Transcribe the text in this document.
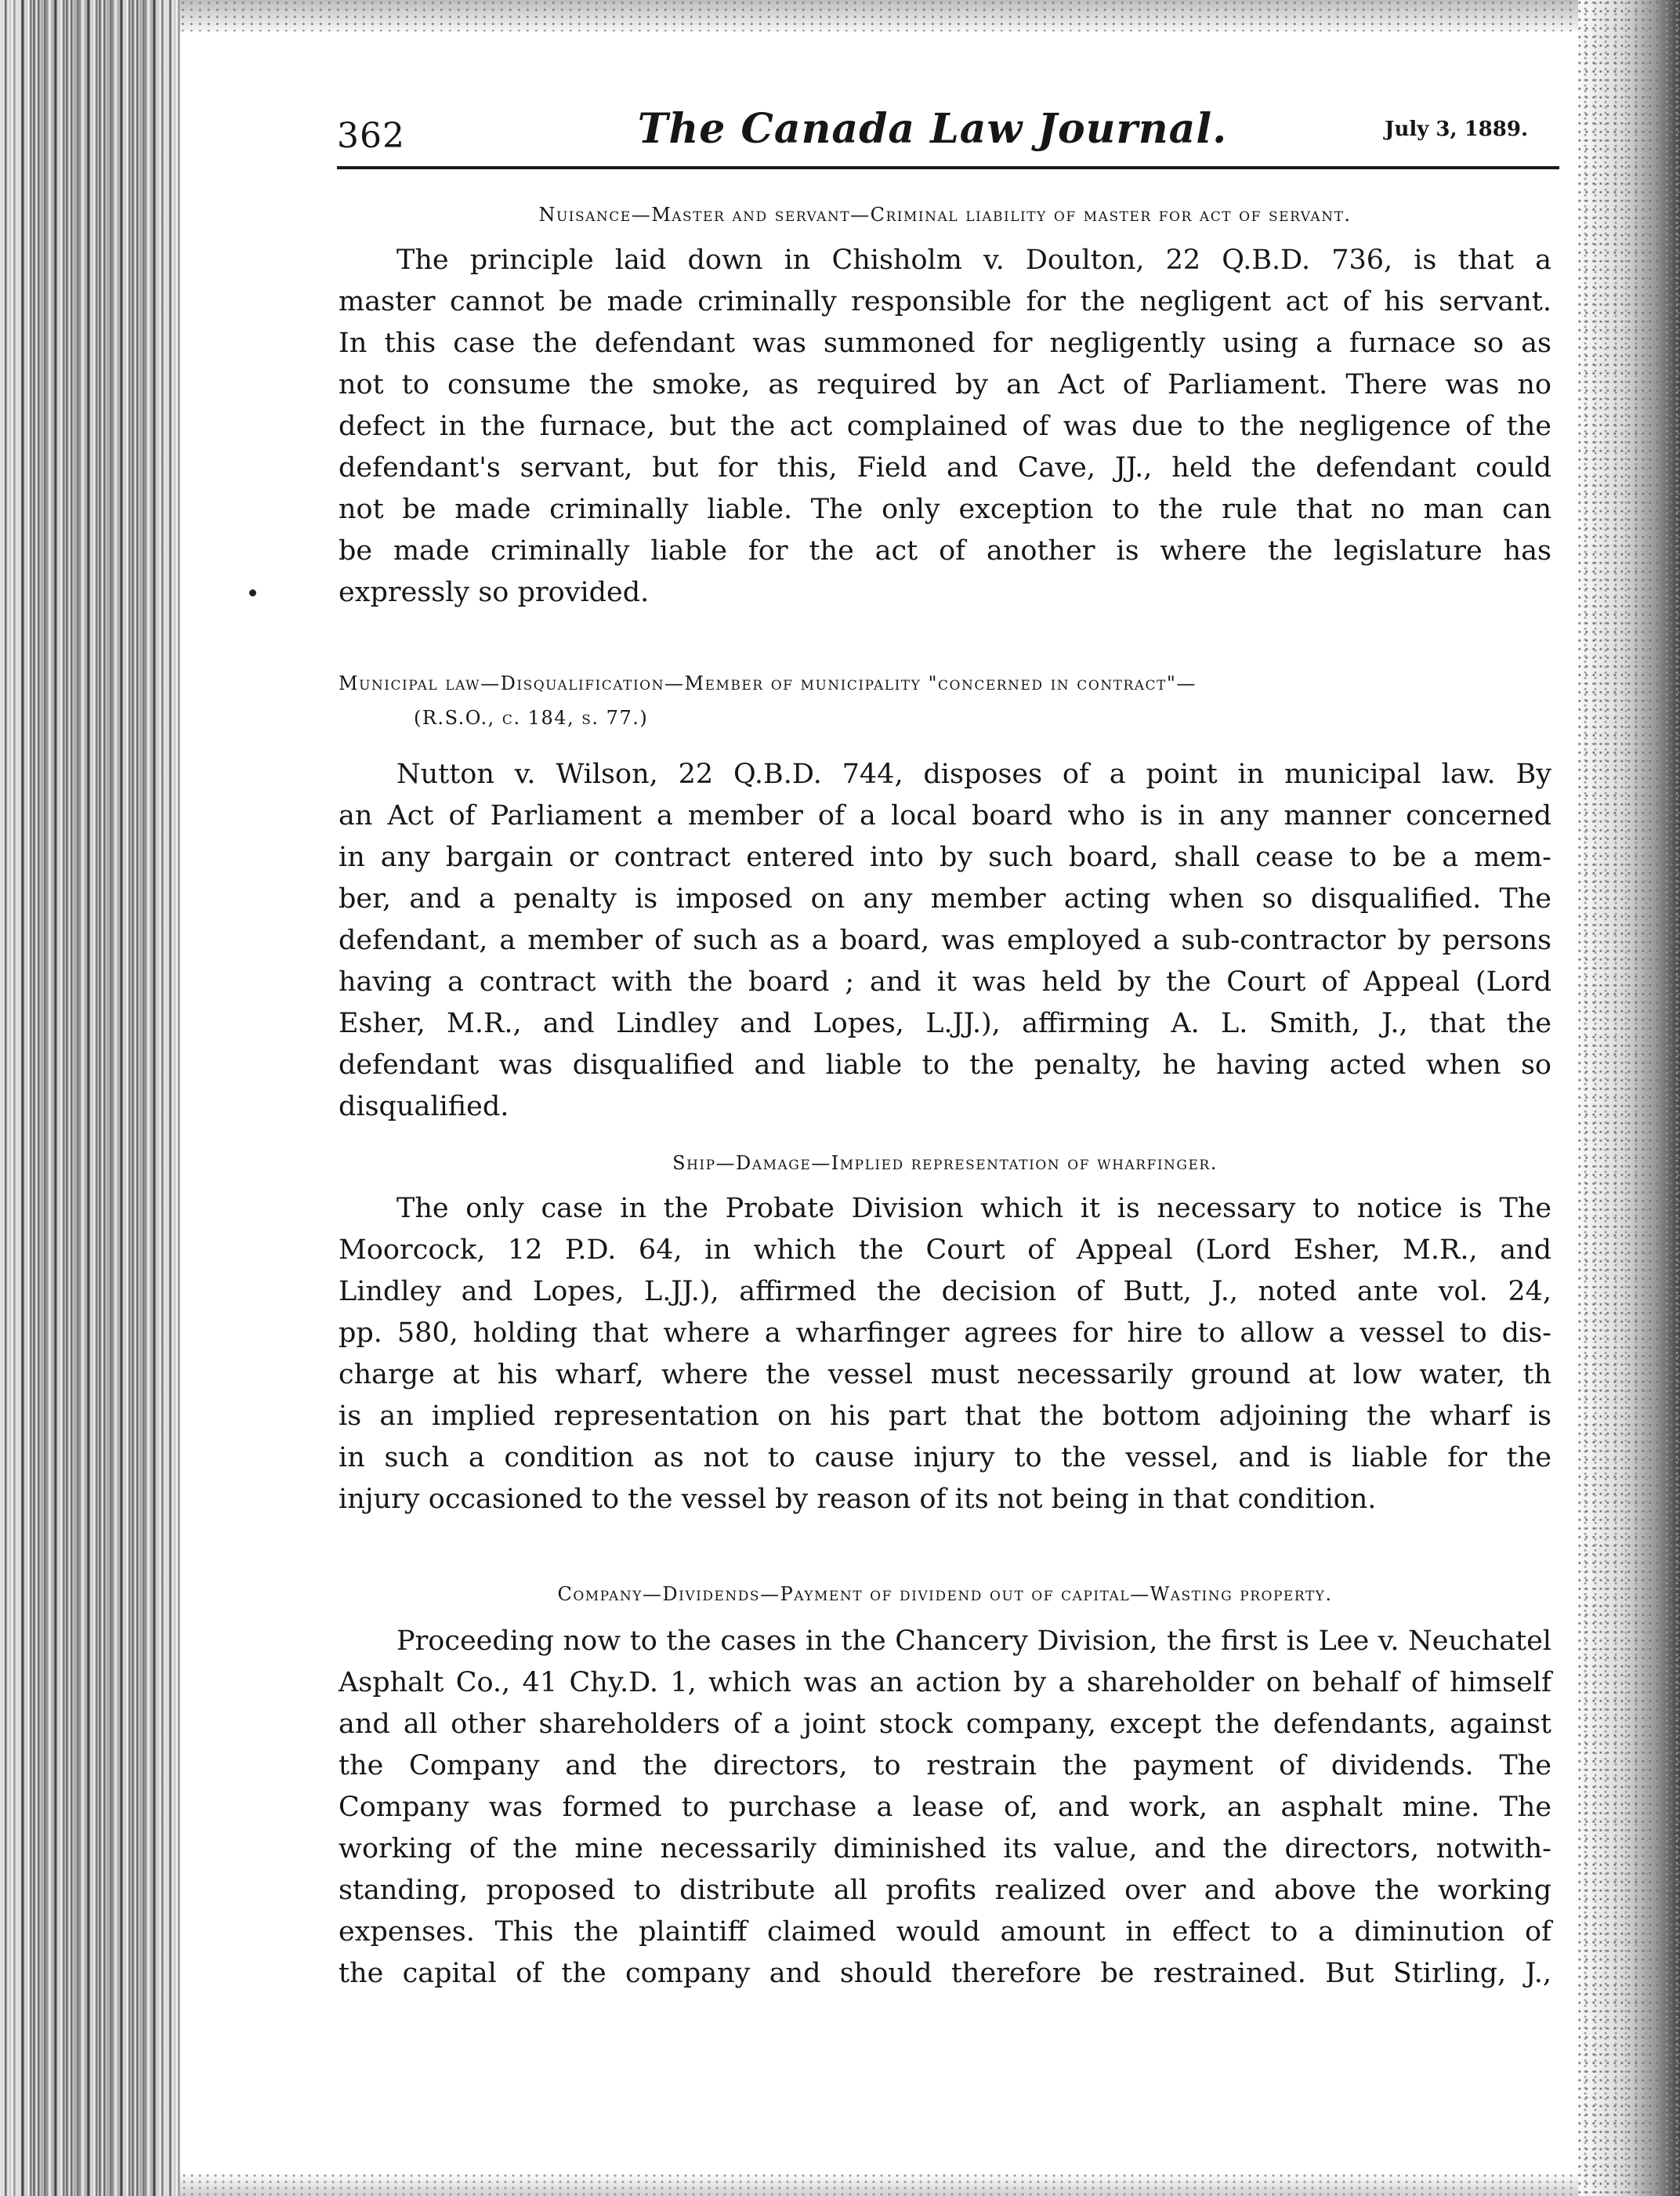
362	The Canada Law Journal.	July 3, 1889.
Nuisance—Master and servant—Criminal liability of master for act of servant.
The principle laid down in Chisholm v. Doulton, 22 Q.B.D. 736, is that a
master cannot be made criminally responsible for the negligent act of his servant.
In this case the defendant was summoned for negligently using a furnace so as
not to consume the smoke, as required by an Act of Parliament. There was no
defect in the furnace, but the act complained of was due to the negligence of the
defendant's servant, but for this, Field and Cave, JJ., held the defendant could
not be made criminally liable. The only exception to the rule that no man can
be made criminally liable for the act of another is where the legislature has
expressly so provided.
Municipal law—Disqualification—Member of municipality "concerned in contract"—
(R.S.O., c. 184, s. 77.)
Nutton v. Wilson, 22 Q.B.D. 744, disposes of a point in municipal law. By
an Act of Parliament a member of a local board who is in any manner concerned
in any bargain or contract entered into by such board, shall cease to be a mem-
ber, and a penalty is imposed on any member acting when so disqualified. The
defendant, a member of such as a board, was employed a sub-contractor by persons
having a contract with the board ; and it was held by the Court of Appeal (Lord
Esher, M.R., and Lindley and Lopes, L.JJ.), affirming A. L. Smith, J., that the
defendant was disqualified and liable to the penalty, he having acted when so
disqualified.
Ship—Damage—Implied representation of wharfinger.
The only case in the Probate Division which it is necessary to notice is The
Moorcock, 12 P.D. 64, in which the Court of Appeal (Lord Esher, M.R., and
Lindley and Lopes, L.JJ.), affirmed the decision of Butt, J., noted ante vol. 24,
pp. 580, holding that where a wharfinger agrees for hire to allow a vessel to dis-
charge at his wharf, where the vessel must necessarily ground at low water, th
is an implied representation on his part that the bottom adjoining the wharf is
in such a condition as not to cause injury to the vessel, and is liable for the
injury occasioned to the vessel by reason of its not being in that condition.
Company—Dividends—Payment of dividend out of capital—Wasting property.
Proceeding now to the cases in the Chancery Division, the first is Lee v. Neuchatel
Asphalt Co., 41 Chy.D. 1, which was an action by a shareholder on behalf of himself
and all other shareholders of a joint stock company, except the defendants, against
the Company and the directors, to restrain the payment of dividends. The
Company was formed to purchase a lease of, and work, an asphalt mine. The
working of the mine necessarily diminished its value, and the directors, notwith-
standing, proposed to distribute all profits realized over and above the working
expenses. This the plaintiff claimed would amount in effect to a diminution of
the capital of the company and should therefore be restrained. But Stirling, J.,
